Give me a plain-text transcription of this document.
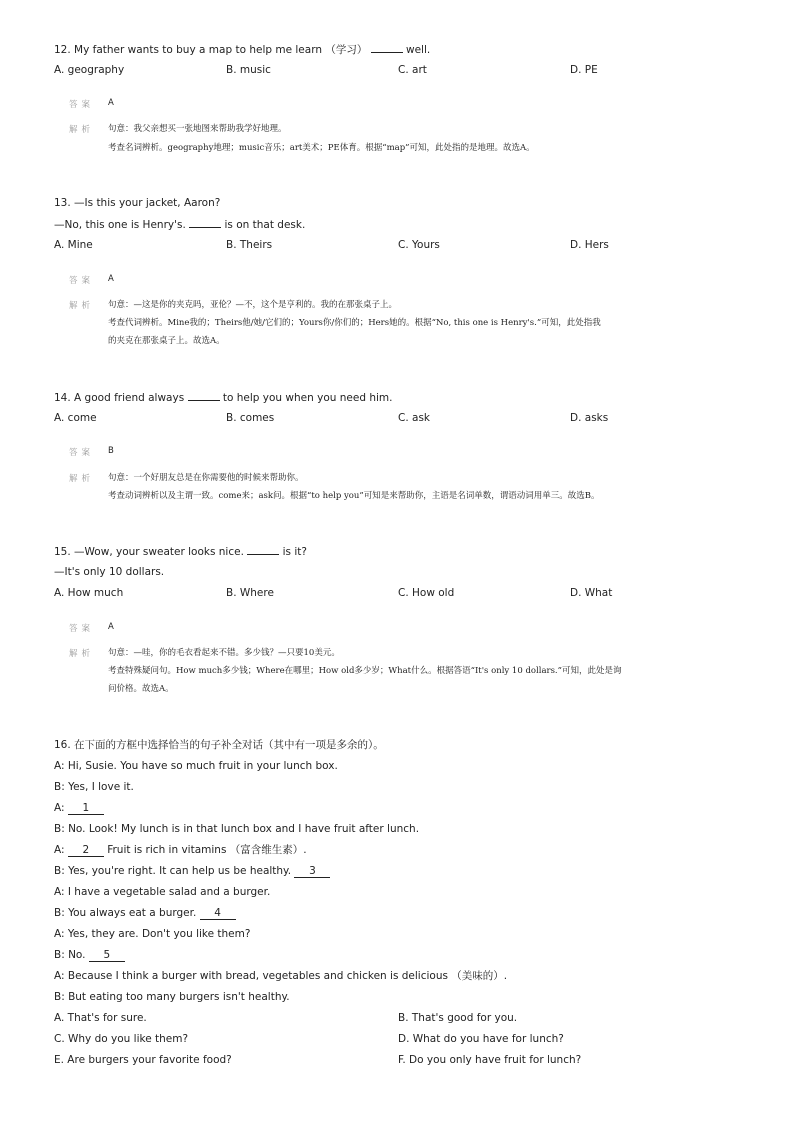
12. My father wants to buy a map to help me learn （学习）	well.
A. geography	B. music	C. art	D. PE
答案 A
解析 句意：我父亲想买一张地图来帮助我学好地理。
考查名词辨析。geography地理；music音乐；art美术；PE体育。根据“map”可知，此处指的是地理。故选A。
13. —Is this your jacket, Aaron?
—No, this one is Henry's.	is on that desk.
A. Mine	B. Theirs	C. Yours	D. Hers
答案 A
解析 句意：—这是你的夹克吗，亚伦？—不，这个是亨利的。我的在那张桌子上。
考查代词辨析。Mine我的；Theirs他/她/它们的；Yours你/你们的；Hers她的。根据“No, this one is Henry's.”可知，此处指我
的夹克在那张桌子上。故选A。
14. A good friend always	to help you when you need him.
A. come	B. comes	C. ask	D. asks
答案 B
解析 句意：一个好朋友总是在你需要他的时候来帮助你。
考查动词辨析以及主谓一致。come来；ask问。根据“to help you”可知是来帮助你，主语是名词单数，谓语动词用单三。故选B。
15. —Wow, your sweater looks nice.	is it?
—It's only 10 dollars.
A. How much	B. Where	C. How old	D. What
答案 A
解析 句意：—哇，你的毛衣看起来不错。多少钱？—只要10美元。
考查特殊疑问句。How much多少钱；Where在哪里；How old多少岁；What什么。根据答语“It's only 10 dollars.”可知，此处是询
问价格。故选A。
16. 在下面的方框中选择恰当的句子补全对话（其中有一项是多余的）。
A: Hi, Susie. You have so much fruit in your lunch box.
B: Yes, I love it.
A: 1
B: No. Look! My lunch is in that lunch box and I have fruit after lunch.
A: 2 Fruit is rich in vitamins （富含维生素）.
B: Yes, you're right. It can help us be healthy. 3
A: I have a vegetable salad and a burger.
B: You always eat a burger. 4
A: Yes, they are. Don't you like them?
B: No. 5
A: Because I think a burger with bread, vegetables and chicken is delicious （美味的）.
B: But eating too many burgers isn't healthy.
A. That's for sure.	B. That's good for you.
C. Why do you like them?	D. What do you have for lunch?
E. Are burgers your favorite food?	F. Do you only have fruit for lunch?
